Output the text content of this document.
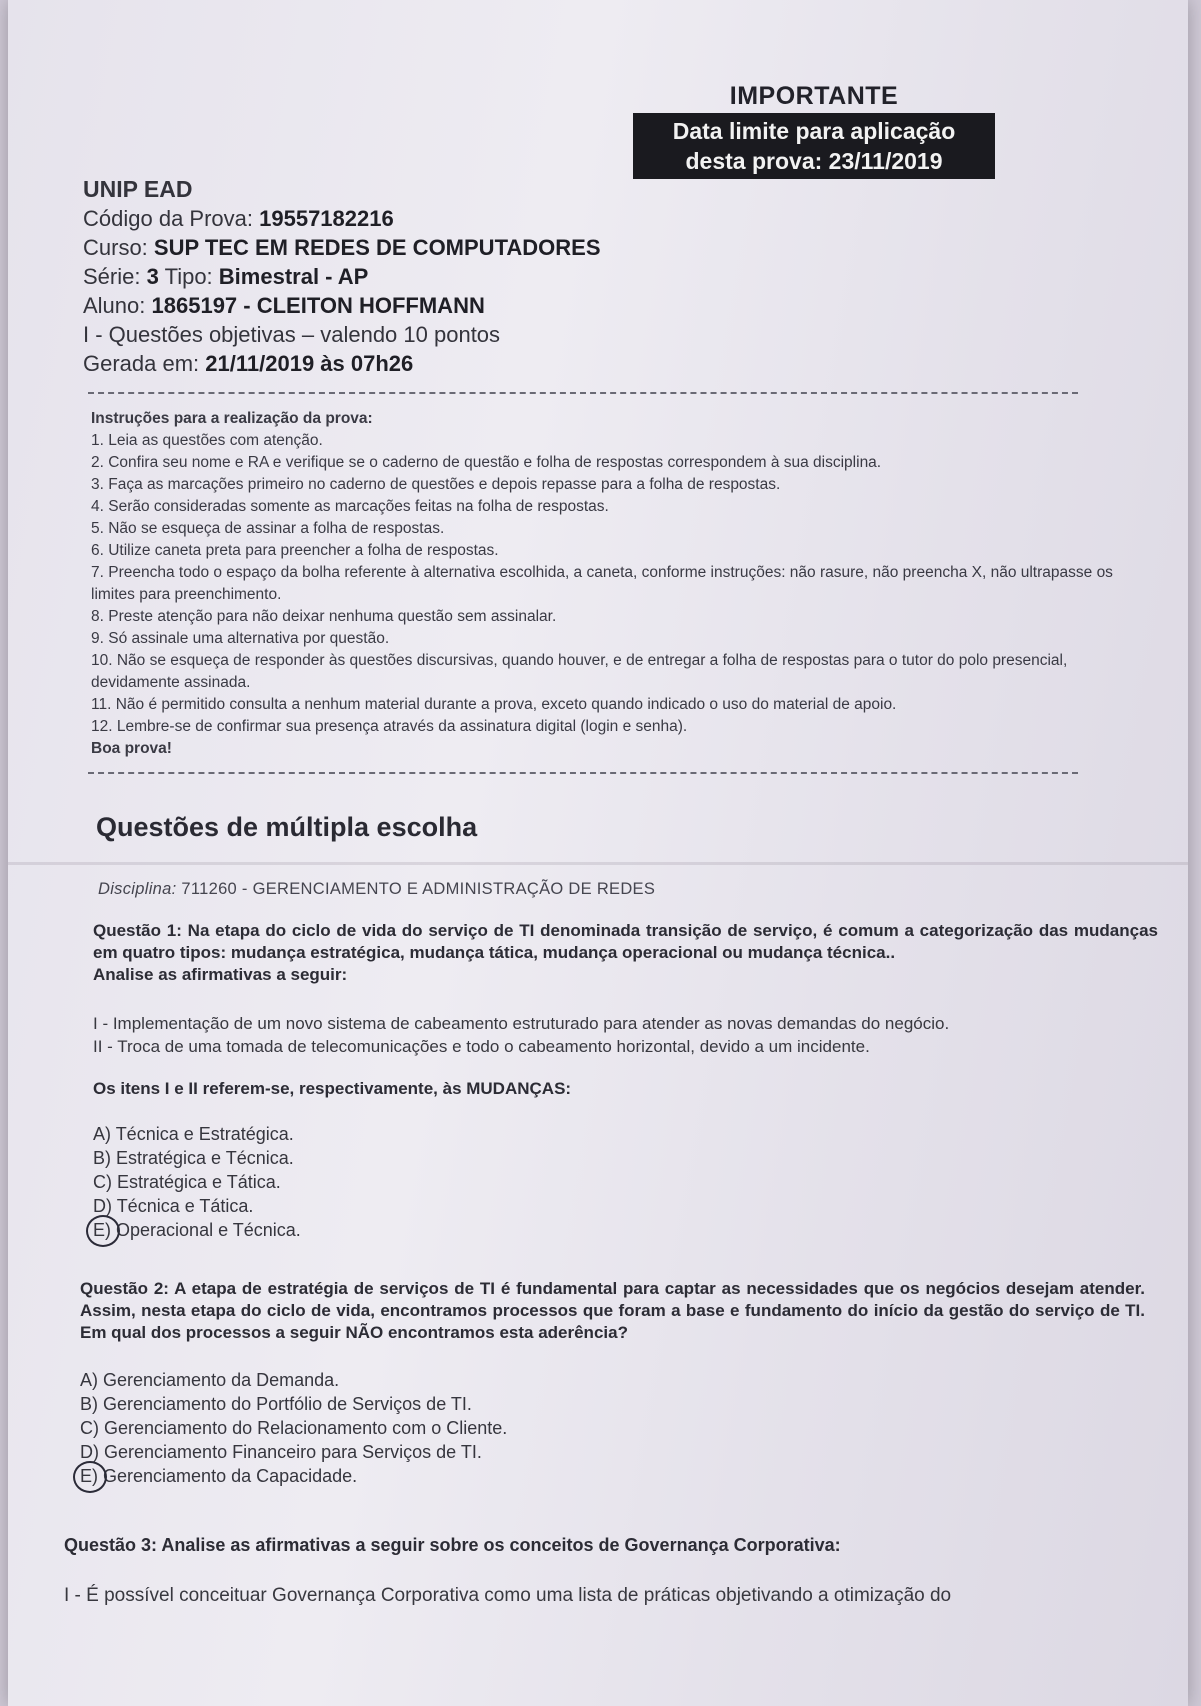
IMPORTANTE
Data limite para aplicação
desta prova: 23/11/2019
UNIP EAD
Código da Prova: 19557182216
Curso: SUP TEC EM REDES DE COMPUTADORES
Série: 3 Tipo: Bimestral - AP
Aluno: 1865197 - CLEITON HOFFMANN
I - Questões objetivas – valendo 10 pontos
Gerada em: 21/11/2019 às 07h26
Instruções para a realização da prova:
1. Leia as questões com atenção.
2. Confira seu nome e RA e verifique se o caderno de questão e folha de respostas correspondem à sua disciplina.
3. Faça as marcações primeiro no caderno de questões e depois repasse para a folha de respostas.
4. Serão consideradas somente as marcações feitas na folha de respostas.
5. Não se esqueça de assinar a folha de respostas.
6. Utilize caneta preta para preencher a folha de respostas.
7. Preencha todo o espaço da bolha referente à alternativa escolhida, a caneta, conforme instruções: não rasure, não preencha X, não ultrapasse os limites para preenchimento.
8. Preste atenção para não deixar nenhuma questão sem assinalar.
9. Só assinale uma alternativa por questão.
10. Não se esqueça de responder às questões discursivas, quando houver, e de entregar a folha de respostas para o tutor do polo presencial, devidamente assinada.
11. Não é permitido consulta a nenhum material durante a prova, exceto quando indicado o uso do material de apoio.
12. Lembre-se de confirmar sua presença através da assinatura digital (login e senha).
Boa prova!
Questões de múltipla escolha
Disciplina: 711260 - GERENCIAMENTO E ADMINISTRAÇÃO DE REDES
Questão 1: Na etapa do ciclo de vida do serviço de TI denominada transição de serviço, é comum a categorização das mudanças em quatro tipos: mudança estratégica, mudança tática, mudança operacional ou mudança técnica..
Analise as afirmativas a seguir:
I - Implementação de um novo sistema de cabeamento estruturado para atender as novas demandas do negócio.
II - Troca de uma tomada de telecomunicações e todo o cabeamento horizontal, devido a um incidente.
Os itens I e II referem-se, respectivamente, às MUDANÇAS:
A) Técnica e Estratégica.
B) Estratégica e Técnica.
C) Estratégica e Tática.
D) Técnica e Tática.
E) Operacional e Técnica.
Questão 2: A etapa de estratégia de serviços de TI é fundamental para captar as necessidades que os negócios desejam atender. Assim, nesta etapa do ciclo de vida, encontramos processos que foram a base e fundamento do início da gestão do serviço de TI. Em qual dos processos a seguir NÃO encontramos esta aderência?
A) Gerenciamento da Demanda.
B) Gerenciamento do Portfólio de Serviços de TI.
C) Gerenciamento do Relacionamento com o Cliente.
D) Gerenciamento Financeiro para Serviços de TI.
E) Gerenciamento da Capacidade.
Questão 3: Analise as afirmativas a seguir sobre os conceitos de Governança Corporativa:
I - É possível conceituar Governança Corporativa como uma lista de práticas objetivando a otimização do
